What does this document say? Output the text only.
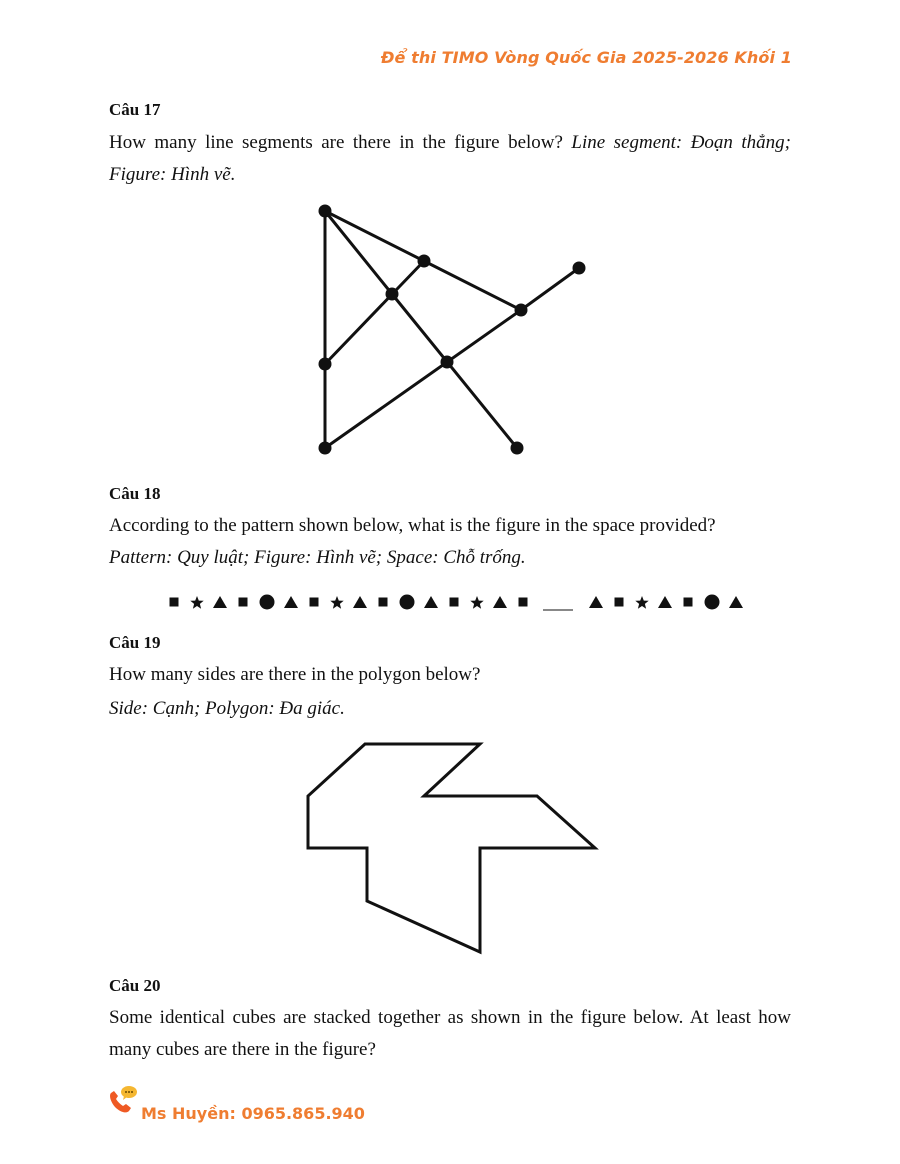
Để thi TIMO Vòng Quốc Gia 2025-2026 Khối 1
Câu 17
How many line segments are there in the figure below? Line segment: Đoạn thẳng; Figure: Hình vẽ.
Câu 18
According to the pattern shown below, what is the figure in the space provided?
Pattern: Quy luật; Figure: Hình vẽ; Space: Chỗ trống.
Câu 19
How many sides are there in the polygon below?
Side: Cạnh; Polygon: Đa giác.
Câu 20
Some identical cubes are stacked together as shown in the figure below. At least how many cubes are there in the figure?
Ms Huyền: 0965.865.940
